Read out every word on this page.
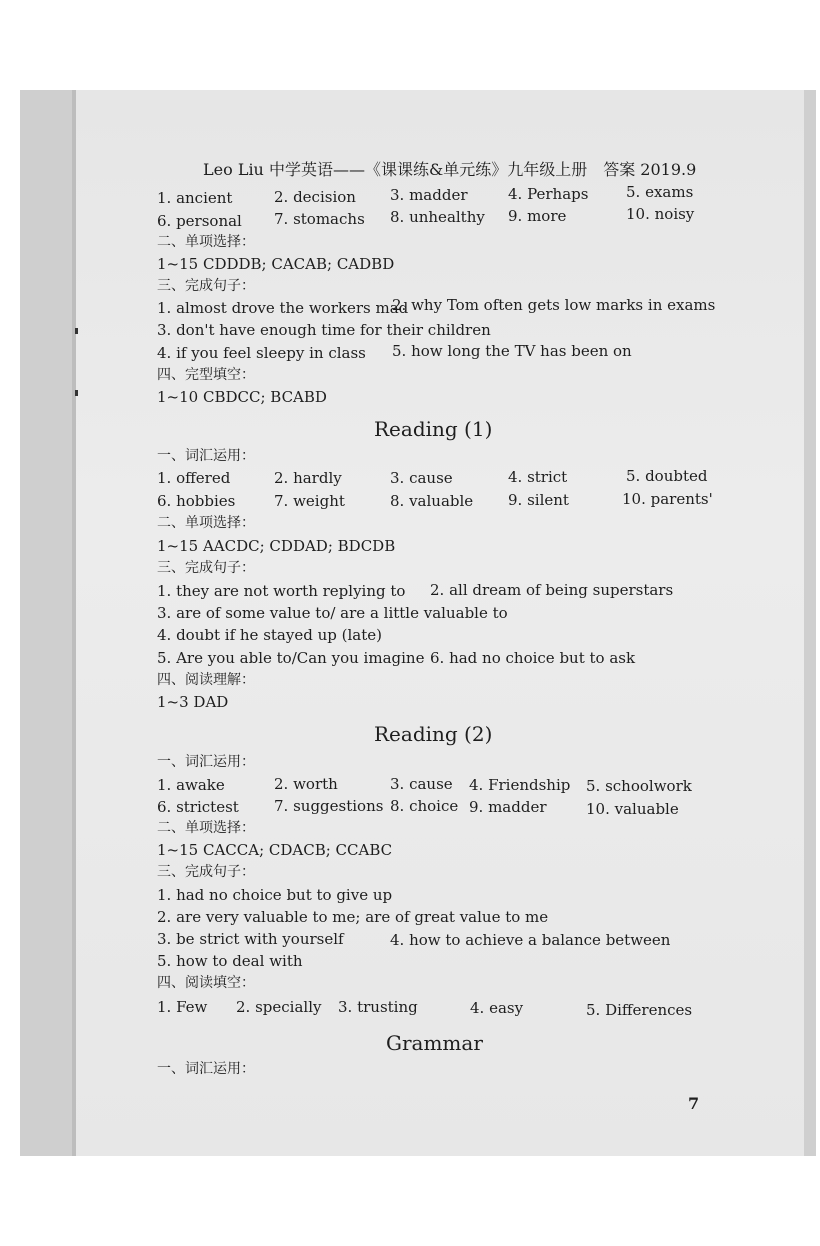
Leo Liu 中学英语——《课课练&单元练》九年级上册　答案 2019.9
1. ancient	2. decision 3. madder	4. Perhaps	5. exams
6. personal 7. stomachs 8. unhealthy 9. more	10. noisy
二、单项选择：
1~15 CDDDB; CACAB; CADBD
三、完成句子：
1. almost drove the workers mad
2. why Tom often gets low marks in exams
3. don't have enough time for their children
4. if you feel sleepy in class 5. how long the TV has been on
四、完型填空：
1~10 CBDCC; BCABD
Reading (1)
一、词汇运用：
1. offered	2. hardly	3. cause	4. strict	5. doubted
6. hobbies	7. weight	8. valuable 9. silent	10. parents'
二、单项选择：
1~15 AACDC; CDDAD; BDCDB
三、完成句子：
1. they are not worth replying to 2. all dream of being superstars
3. are of some value to/ are a little valuable to
4. doubt if he stayed up (late)
5. Are you able to/Can you imagine 6. had no choice but to ask
四、阅读理解：
1~3 DAD
Reading (2)
一、词汇运用：
1. awake	2. worth	3. cause 4. Friendship 5. schoolwork
6. strictest 7. suggestions 8. choice 9. madder	10. valuable
二、单项选择：
1~15 CACCA; CDACB; CCABC
三、完成句子：
1. had no choice but to give up
2. are very valuable to me; are of great value to me
3. be strict with yourself	4. how to achieve a balance between
5. how to deal with
四、阅读填空：
1. Few 2. specially 3. trusting	4. easy	5. Differences
Grammar
一、词汇运用：
7
